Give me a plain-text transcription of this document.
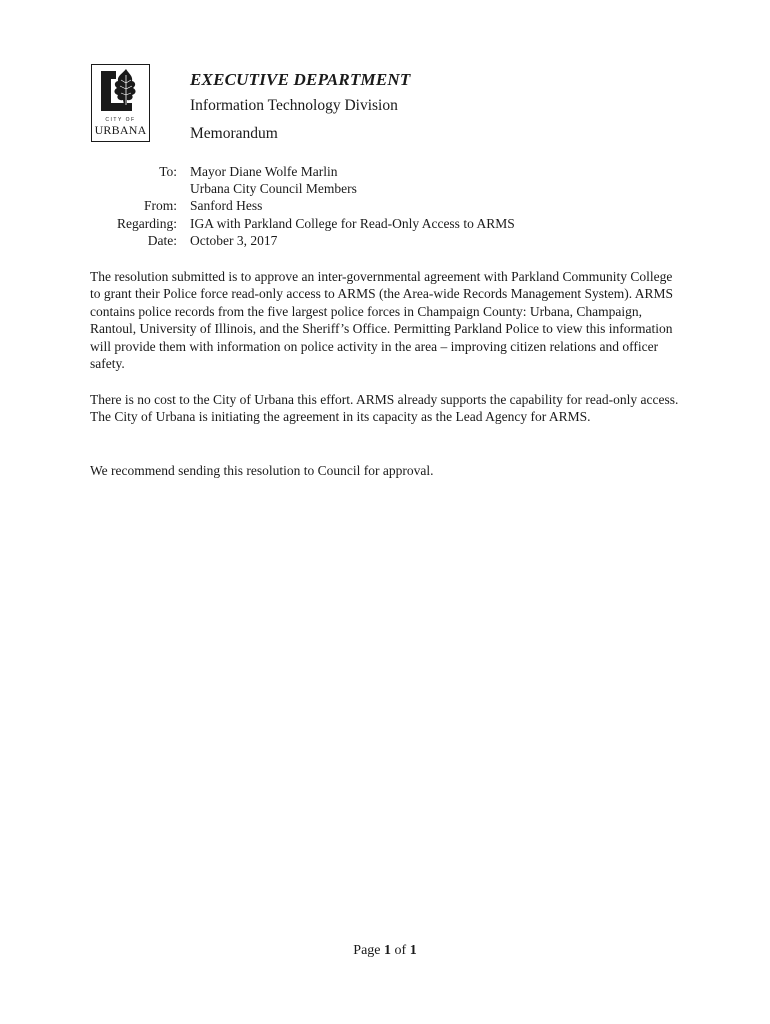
CITY OF
URBANA
EXECUTIVE DEPARTMENT
Information Technology Division
Memorandum
To: Mayor Diane Wolfe Marlin
Urbana City Council Members
From: Sanford Hess
Regarding: IGA with Parkland College for Read-Only Access to ARMS
Date: October 3, 2017

The resolution submitted is to approve an inter-governmental agreement with Parkland Community College to grant their Police force read-only access to ARMS (the Area-wide Records Management System). ARMS contains police records from the five largest police forces in Champaign County: Urbana, Champaign, Rantoul, University of Illinois, and the Sheriff’s Office. Permitting Parkland Police to view this information will provide them with information on police activity in the area – improving citizen relations and officer safety.

There is no cost to the City of Urbana this effort. ARMS already supports the capability for read-only access. The City of Urbana is initiating the agreement in its capacity as the Lead Agency for ARMS.

We recommend sending this resolution to Council for approval.

Page 1 of 1
